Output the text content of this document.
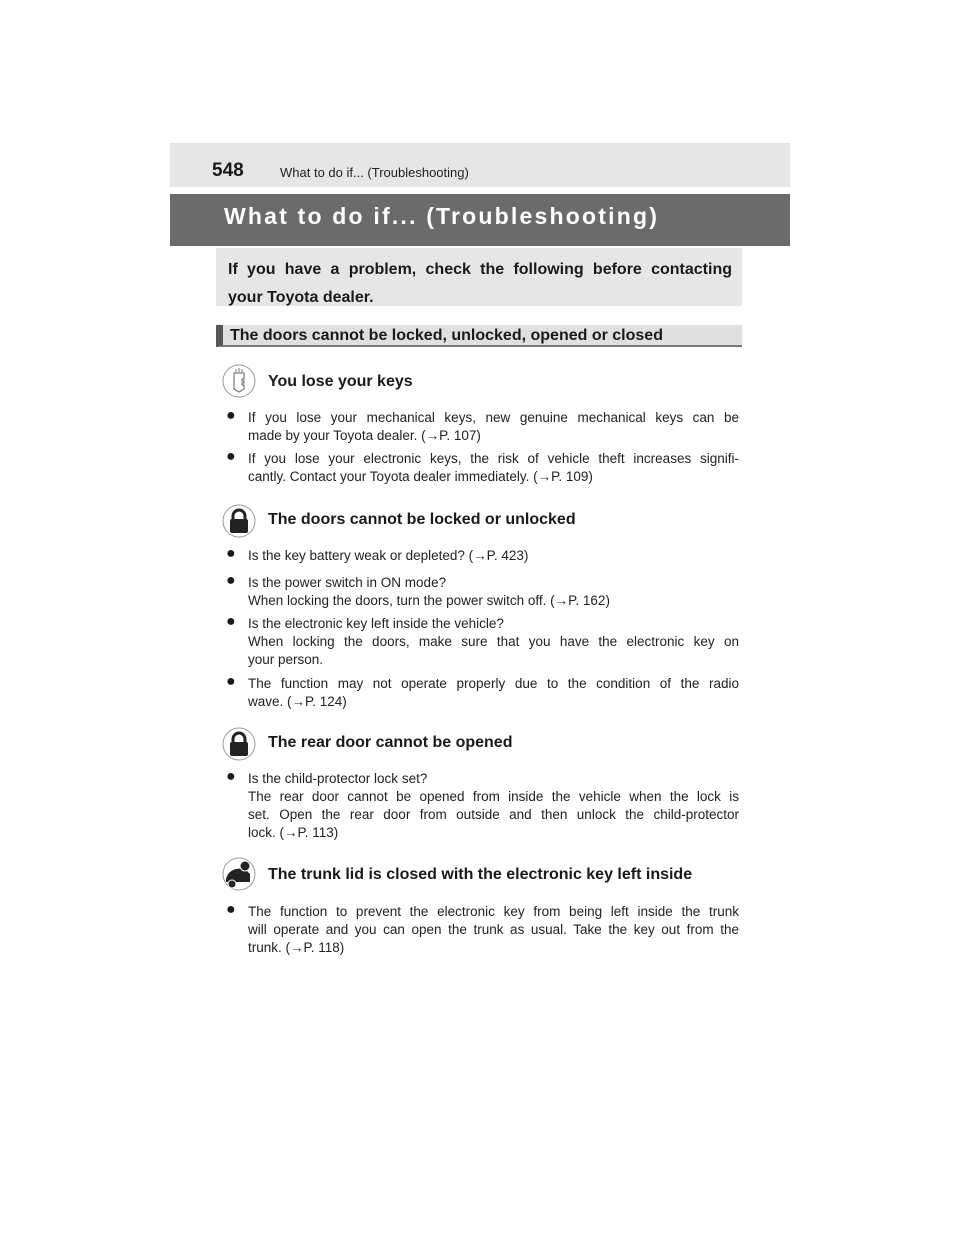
548	What to do if... (Troubleshooting)
What to do if... (Troubleshooting)
If you have a problem, check the following before contacting
your Toyota dealer.
The doors cannot be locked, unlocked, opened or closed
You lose your keys
● If you lose your mechanical keys, new genuine mechanical keys can be
made by your Toyota dealer. (→P. 107)
● If you lose your electronic keys, the risk of vehicle theft increases signifi-
cantly. Contact your Toyota dealer immediately. (→P. 109)
The doors cannot be locked or unlocked
● Is the key battery weak or depleted? (→P. 423)
● Is the power switch in ON mode?
When locking the doors, turn the power switch off. (→P. 162)
● Is the electronic key left inside the vehicle?
When locking the doors, make sure that you have the electronic key on
your person.
● The function may not operate properly due to the condition of the radio
wave. (→P. 124)
The rear door cannot be opened
● Is the child-protector lock set?
The rear door cannot be opened from inside the vehicle when the lock is
set. Open the rear door from outside and then unlock the child-protector
lock. (→P. 113)
The trunk lid is closed with the electronic key left inside
● The function to prevent the electronic key from being left inside the trunk
will operate and you can open the trunk as usual. Take the key out from the
trunk. (→P. 118)
